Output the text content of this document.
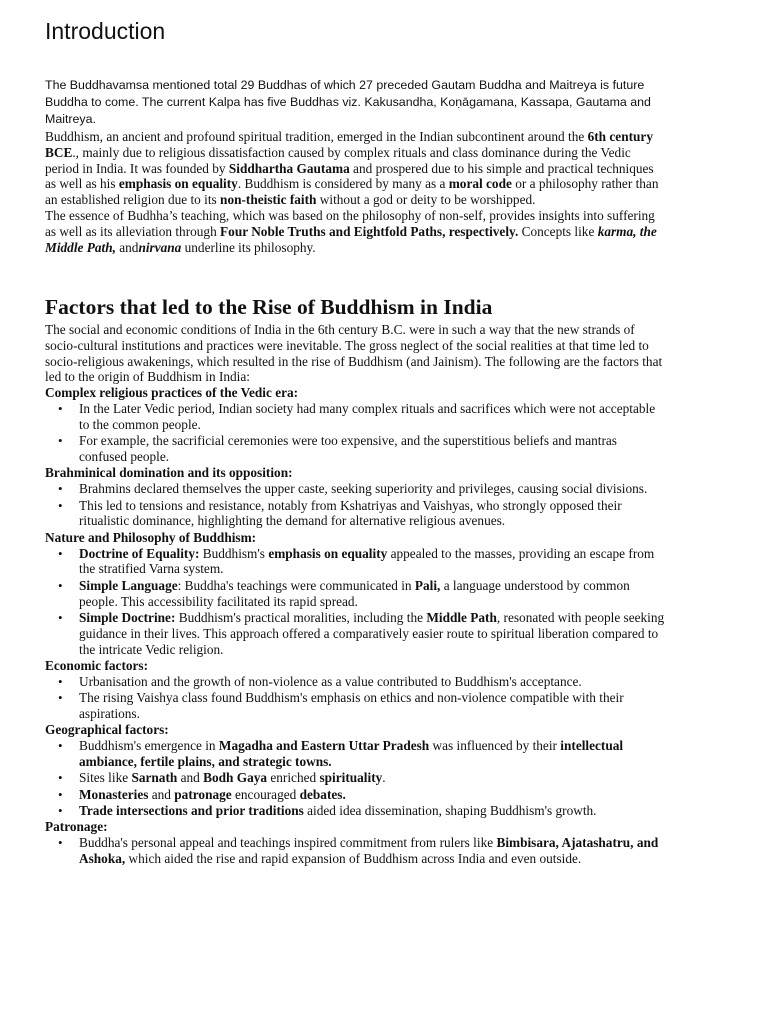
Introduction

The Buddhavamsa mentioned total 29 Buddhas of which 27 preceded Gautam Buddha and Maitreya is future Buddha to come. The current Kalpa has five Buddhas viz. Kakusandha, Koṇāgamana, Kassapa, Gautama and Maitreya.

Buddhism, an ancient and profound spiritual tradition, emerged in the Indian subcontinent around the 6th century BCE., mainly due to religious dissatisfaction caused by complex rituals and class dominance during the Vedic period in India. It was founded by Siddhartha Gautama and prospered due to his simple and practical techniques as well as his emphasis on equality. Buddhism is considered by many as a moral code or a philosophy rather than an established religion due to its non-theistic faith without a god or deity to be worshipped.

The essence of Budhha’s teaching, which was based on the philosophy of non-self, provides insights into suffering as well as its alleviation through Four Noble Truths and Eightfold Paths, respectively. Concepts like karma, the Middle Path, andnirvana underline its philosophy.

Factors that led to the Rise of Buddhism in India

The social and economic conditions of India in the 6th century B.C. were in such a way that the new strands of socio-cultural institutions and practices were inevitable. The gross neglect of the social realities at that time led to socio-religious awakenings, which resulted in the rise of Buddhism (and Jainism). The following are the factors that led to the origin of Buddhism in India:

Complex religious practices of the Vedic era:

• In the Later Vedic period, Indian society had many complex rituals and sacrifices which were not acceptable to the common people.
• For example, the sacrificial ceremonies were too expensive, and the superstitious beliefs and mantras confused people.

Brahminical domination and its opposition:

• Brahmins declared themselves the upper caste, seeking superiority and privileges, causing social divisions.
• This led to tensions and resistance, notably from Kshatriyas and Vaishyas, who strongly opposed their ritualistic dominance, highlighting the demand for alternative religious avenues.

Nature and Philosophy of Buddhism:

• Doctrine of Equality: Buddhism's emphasis on equality appealed to the masses, providing an escape from the stratified Varna system.
• Simple Language: Buddha's teachings were communicated in Pali, a language understood by common people. This accessibility facilitated its rapid spread.
• Simple Doctrine: Buddhism's practical moralities, including the Middle Path, resonated with people seeking guidance in their lives. This approach offered a comparatively easier route to spiritual liberation compared to the intricate Vedic religion.

Economic factors:

• Urbanisation and the growth of non-violence as a value contributed to Buddhism's acceptance.
• The rising Vaishya class found Buddhism's emphasis on ethics and non-violence compatible with their aspirations.

Geographical factors:

• Buddhism's emergence in Magadha and Eastern Uttar Pradesh was influenced by their intellectual ambiance, fertile plains, and strategic towns.
• Sites like Sarnath and Bodh Gaya enriched spirituality.
• Monasteries and patronage encouraged debates.
• Trade intersections and prior traditions aided idea dissemination, shaping Buddhism's growth.

Patronage:

• Buddha's personal appeal and teachings inspired commitment from rulers like Bimbisara, Ajatashatru, and Ashoka, which aided the rise and rapid expansion of Buddhism across India and even outside.
